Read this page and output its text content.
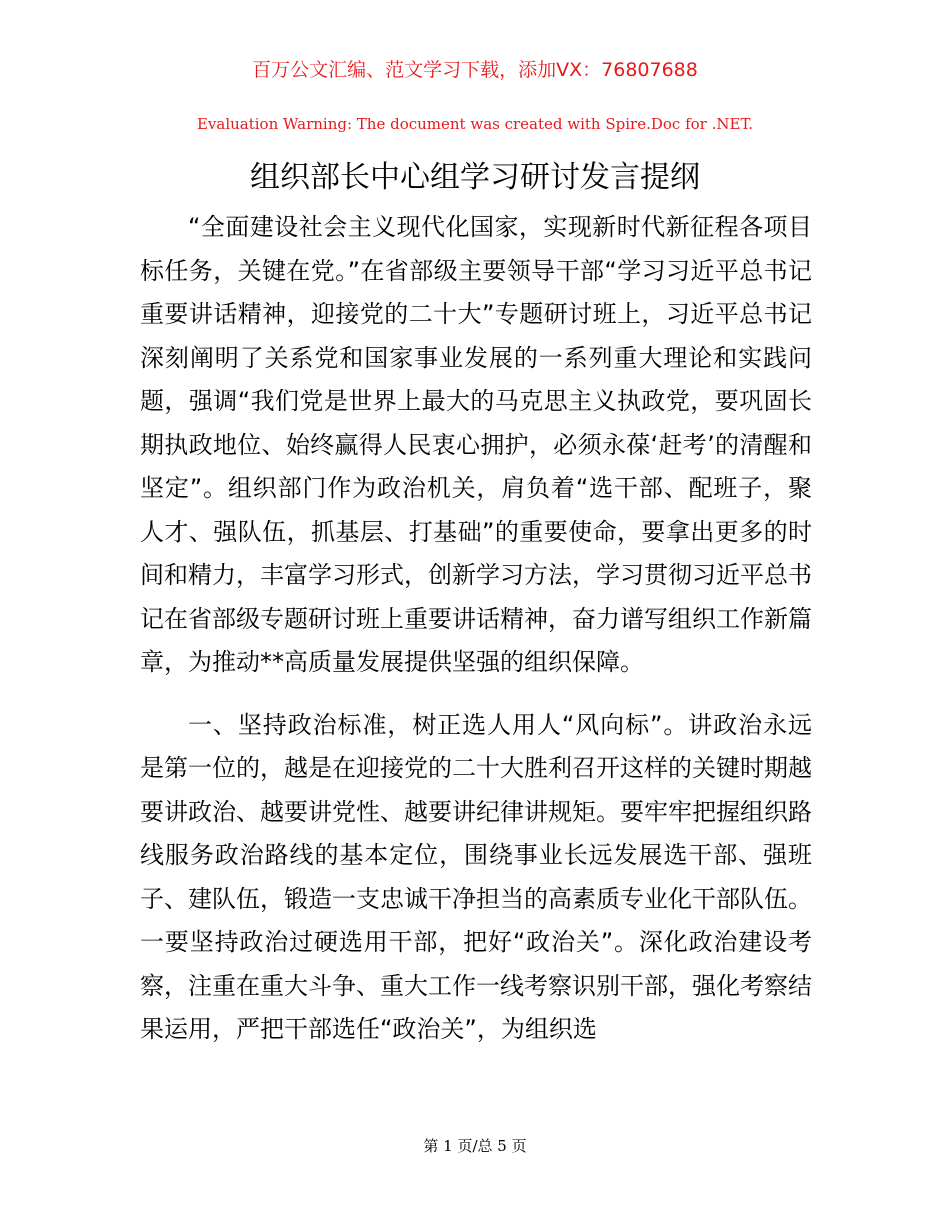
百万公文汇编、范文学习下载，添加VX：76807688
Evaluation Warning: The document was created with Spire.Doc for .NET.
组织部长中心组学习研讨发言提纲

“全面建设社会主义现代化国家，实现新时代新征程各项目标任务，关键在党。”在省部级主要领导干部“学习习近平总书记重要讲话精神，迎接党的二十大”专题研讨班上，习近平总书记深刻阐明了关系党和国家事业发展的一系列重大理论和实践问题，强调“我们党是世界上最大的马克思主义执政党，要巩固长期执政地位、始终赢得人民衷心拥护，必须永葆‘赶考’的清醒和坚定”。组织部门作为政治机关，肩负着“选干部、配班子，聚人才、强队伍，抓基层、打基础”的重要使命，要拿出更多的时间和精力，丰富学习形式，创新学习方法，学习贯彻习近平总书记在省部级专题研讨班上重要讲话精神，奋力谱写组织工作新篇章，为推动**高质量发展提供坚强的组织保障。

一、坚持政治标准，树正选人用人“风向标”。讲政治永远是第一位的，越是在迎接党的二十大胜利召开这样的关键时期越要讲政治、越要讲党性、越要讲纪律讲规矩。要牢牢把握组织路线服务政治路线的基本定位，围绕事业长远发展选干部、强班子、建队伍，锻造一支忠诚干净担当的高素质专业化干部队伍。一要坚持政治过硬选用干部，把好“政治关”。深化政治建设考察，注重在重大斗争、重大工作一线考察识别干部，强化考察结果运用，严把干部选任“政治关”，为组织选

第 1 页/总 5 页
